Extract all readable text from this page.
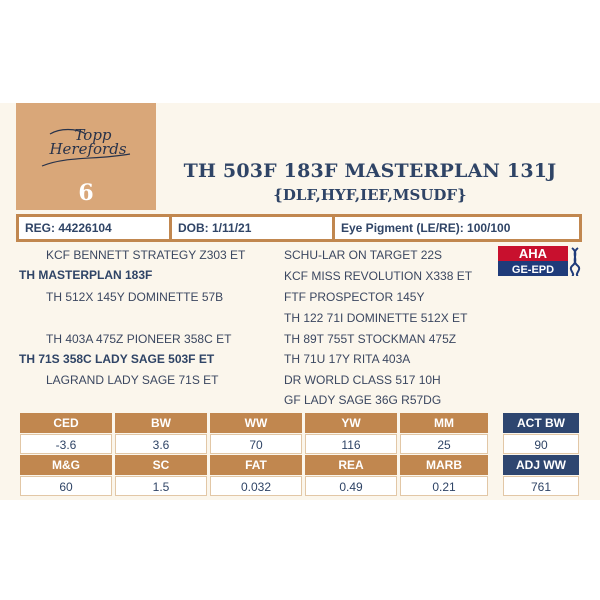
Topp
Herefords
6
TH 503F 183F MASTERPLAN 131J
{DLF,HYF,IEF,MSUDF}
REG: 44226104	DOB: 1/11/21	Eye Pigment (LE/RE): 100/100
KCF BENNETT STRATEGY Z303 ET
TH MASTERPLAN 183F
TH 512X 145Y DOMINETTE 57B
TH 403A 475Z PIONEER 358C ET
TH 71S 358C LADY SAGE 503F ET
LAGRAND LADY SAGE 71S ET
SCHU-LAR ON TARGET 22S
KCF MISS REVOLUTION X338 ET
FTF PROSPECTOR 145Y
TH 122 71I DOMINETTE 512X ET
TH 89T 755T STOCKMAN 475Z
TH 71U 17Y RITA 403A
DR WORLD CLASS 517 10H
GF LADY SAGE 36G R57DG
AHA
GE-EPD
CED	BW	WW	YW	MM
-3.6	3.6	70	116	25
M&G	SC	FAT	REA	MARB
60	1.5	0.032	0.49	0.21
ACT BW
90
ADJ WW
761
